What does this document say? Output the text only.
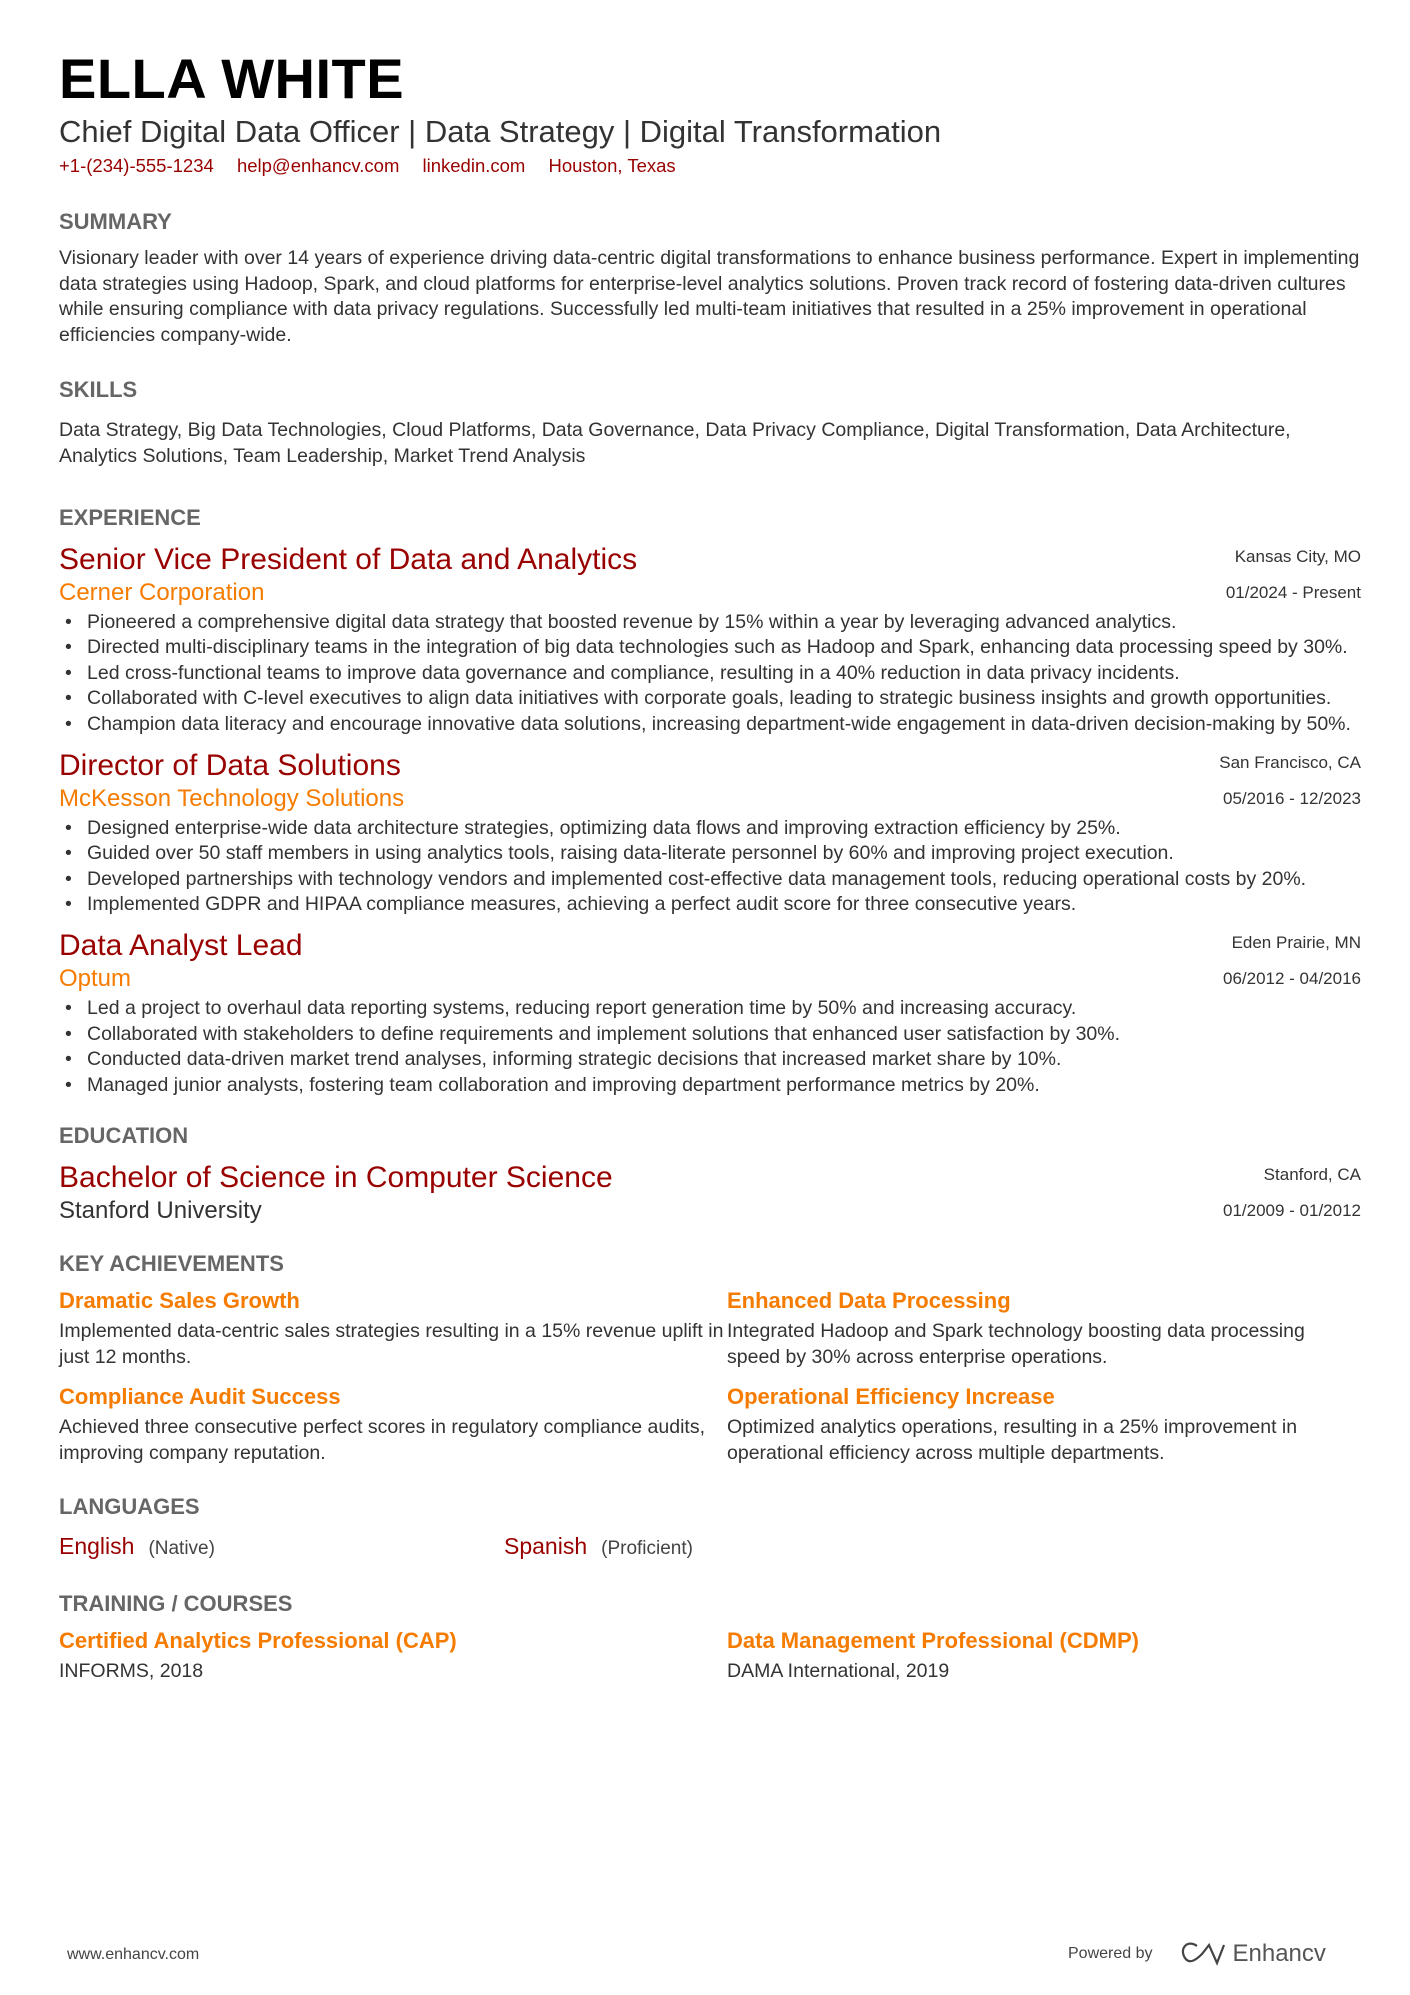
ELLA WHITE
Chief Digital Data Officer | Data Strategy | Digital Transformation
+1-(234)-555-1234 help@enhancv.com linkedin.com Houston, Texas
SUMMARY
Visionary leader with over 14 years of experience driving data-centric digital transformations to enhance business performance. Expert in implementing data strategies using Hadoop, Spark, and cloud platforms for enterprise-level analytics solutions. Proven track record of fostering data-driven cultures while ensuring compliance with data privacy regulations. Successfully led multi-team initiatives that resulted in a 25% improvement in operational efficiencies company-wide.
SKILLS
Data Strategy, Big Data Technologies, Cloud Platforms, Data Governance, Data Privacy Compliance, Digital Transformation, Data Architecture, Analytics Solutions, Team Leadership, Market Trend Analysis
EXPERIENCE
Senior Vice President of Data and Analytics	Kansas City, MO
Cerner Corporation	01/2024 - Present
• Pioneered a comprehensive digital data strategy that boosted revenue by 15% within a year by leveraging advanced analytics.
• Directed multi-disciplinary teams in the integration of big data technologies such as Hadoop and Spark, enhancing data processing speed by 30%.
• Led cross-functional teams to improve data governance and compliance, resulting in a 40% reduction in data privacy incidents.
• Collaborated with C-level executives to align data initiatives with corporate goals, leading to strategic business insights and growth opportunities.
• Champion data literacy and encourage innovative data solutions, increasing department-wide engagement in data-driven decision-making by 50%.
Director of Data Solutions	San Francisco, CA
McKesson Technology Solutions	05/2016 - 12/2023
• Designed enterprise-wide data architecture strategies, optimizing data flows and improving extraction efficiency by 25%.
• Guided over 50 staff members in using analytics tools, raising data-literate personnel by 60% and improving project execution.
• Developed partnerships with technology vendors and implemented cost-effective data management tools, reducing operational costs by 20%.
• Implemented GDPR and HIPAA compliance measures, achieving a perfect audit score for three consecutive years.
Data Analyst Lead	Eden Prairie, MN
Optum	06/2012 - 04/2016
• Led a project to overhaul data reporting systems, reducing report generation time by 50% and increasing accuracy.
• Collaborated with stakeholders to define requirements and implement solutions that enhanced user satisfaction by 30%.
• Conducted data-driven market trend analyses, informing strategic decisions that increased market share by 10%.
• Managed junior analysts, fostering team collaboration and improving department performance metrics by 20%.
EDUCATION
Bachelor of Science in Computer Science	Stanford, CA
Stanford University	01/2009 - 01/2012
KEY ACHIEVEMENTS
Dramatic Sales Growth
Implemented data-centric sales strategies resulting in a 15% revenue uplift in just 12 months.
Enhanced Data Processing
Integrated Hadoop and Spark technology boosting data processing speed by 30% across enterprise operations.
Compliance Audit Success
Achieved three consecutive perfect scores in regulatory compliance audits, improving company reputation.
Operational Efficiency Increase
Optimized analytics operations, resulting in a 25% improvement in operational efficiency across multiple departments.
LANGUAGES
English (Native)	Spanish (Proficient)
TRAINING / COURSES
Certified Analytics Professional (CAP)
INFORMS, 2018
Data Management Professional (CDMP)
DAMA International, 2019
www.enhancv.com	Powered by	Enhancv
